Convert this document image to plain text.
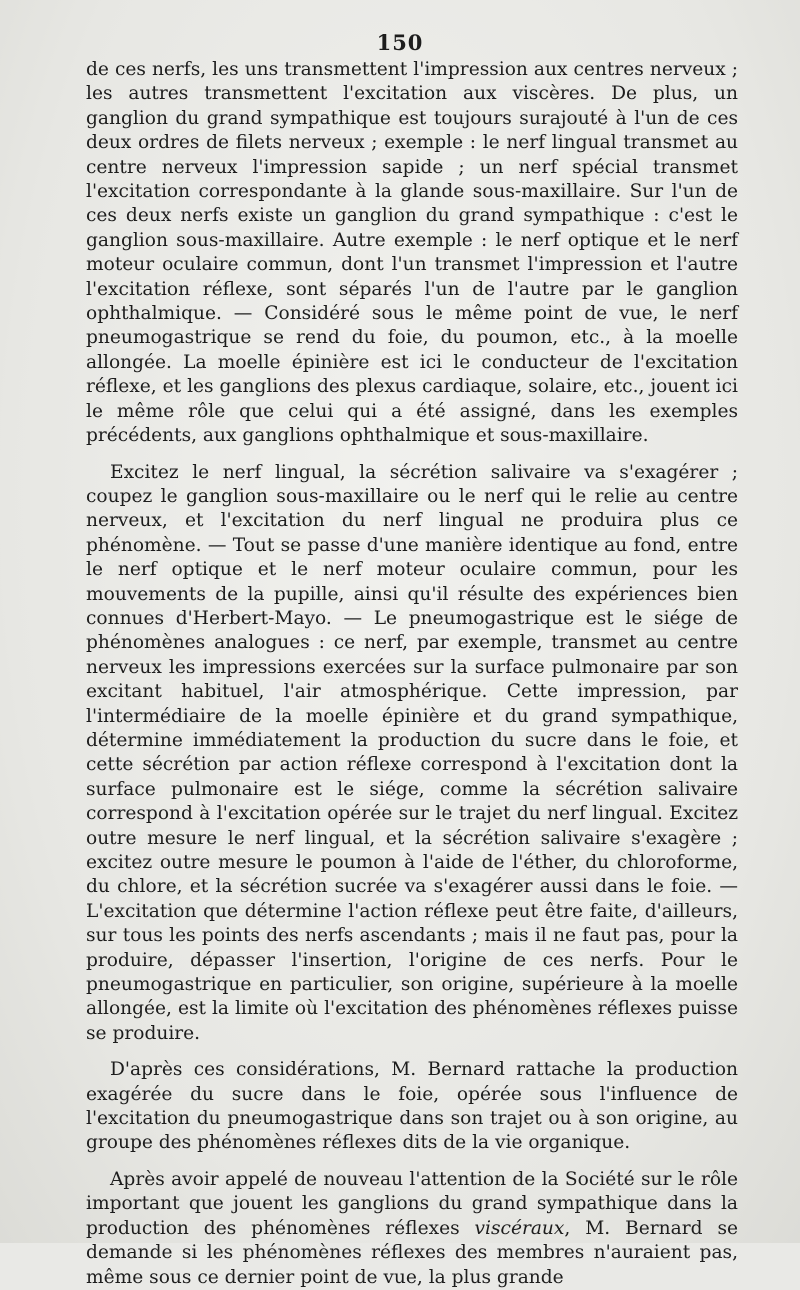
150

de ces nerfs, les uns transmettent l'impression aux centres nerveux ; les autres transmettent l'excitation aux viscères. De plus, un ganglion du grand sympathique est toujours surajouté à l'un de ces deux ordres de filets nerveux ; exemple : le nerf lingual transmet au centre nerveux l'impression sapide ; un nerf spécial transmet l'excitation correspondante à la glande sous-maxillaire. Sur l'un de ces deux nerfs existe un ganglion du grand sympathique : c'est le ganglion sous-maxillaire. Autre exemple : le nerf optique et le nerf moteur oculaire commun, dont l'un transmet l'impression et l'autre l'excitation réflexe, sont séparés l'un de l'autre par le ganglion ophthalmique. — Considéré sous le même point de vue, le nerf pneumogastrique se rend du foie, du poumon, etc., à la moelle allongée. La moelle épinière est ici le conducteur de l'excitation réflexe, et les ganglions des plexus cardiaque, solaire, etc., jouent ici le même rôle que celui qui a été assigné, dans les exemples précédents, aux ganglions ophthalmique et sous-maxillaire.

Excitez le nerf lingual, la sécrétion salivaire va s'exagérer ; coupez le ganglion sous-maxillaire ou le nerf qui le relie au centre nerveux, et l'excitation du nerf lingual ne produira plus ce phénomène. — Tout se passe d'une manière identique au fond, entre le nerf optique et le nerf moteur oculaire commun, pour les mouvements de la pupille, ainsi qu'il résulte des expériences bien connues d'Herbert-Mayo. — Le pneumogastrique est le siége de phénomènes analogues : ce nerf, par exemple, transmet au centre nerveux les impressions exercées sur la surface pulmonaire par son excitant habituel, l'air atmosphérique. Cette impression, par l'intermédiaire de la moelle épinière et du grand sympathique, détermine immédiatement la production du sucre dans le foie, et cette sécrétion par action réflexe correspond à l'excitation dont la surface pulmonaire est le siége, comme la sécrétion salivaire correspond à l'excitation opérée sur le trajet du nerf lingual. Excitez outre mesure le nerf lingual, et la sécrétion salivaire s'exagère ; excitez outre mesure le poumon à l'aide de l'éther, du chloroforme, du chlore, et la sécrétion sucrée va s'exagérer aussi dans le foie. — L'excitation que détermine l'action réflexe peut être faite, d'ailleurs, sur tous les points des nerfs ascendants ; mais il ne faut pas, pour la produire, dépasser l'insertion, l'origine de ces nerfs. Pour le pneumogastrique en particulier, son origine, supérieure à la moelle allongée, est la limite où l'excitation des phénomènes réflexes puisse se produire.

D'après ces considérations, M. Bernard rattache la production exagérée du sucre dans le foie, opérée sous l'influence de l'excitation du pneumogastrique dans son trajet ou à son origine, au groupe des phénomènes réflexes dits de la vie organique.

Après avoir appelé de nouveau l'attention de la Société sur le rôle important que jouent les ganglions du grand sympathique dans la production des phénomènes réflexes viscéraux, M. Bernard se demande si les phénomènes réflexes des membres n'auraient pas, même sous ce dernier point de vue, la plus grande
